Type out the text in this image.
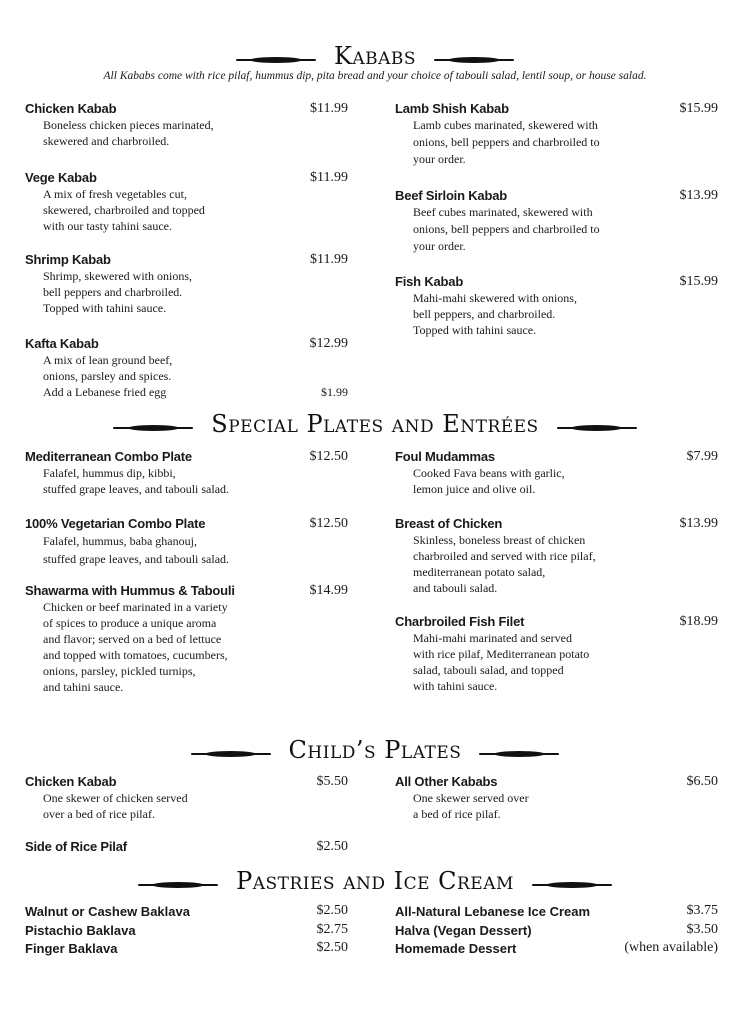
Kababs
All Kababs come with rice pilaf, hummus dip, pita bread and your choice of tabouli salad, lentil soup, or house salad.
Chicken Kabab	$11.99
Boneless chicken pieces marinated,
skewered and charbroiled.
Vege Kabab	$11.99
A mix of fresh vegetables cut,
skewered, charbroiled and topped
with our tasty tahini sauce.
Shrimp Kabab	$11.99
Shrimp, skewered with onions,
bell peppers and charbroiled.
Topped with tahini sauce.
Kafta Kabab	$12.99
A mix of lean ground beef,
onions, parsley and spices.
Add a Lebanese fried egg	$1.99
Lamb Shish Kabab	$15.99
Lamb cubes marinated, skewered with
onions, bell peppers and charbroiled to
your order.
Beef Sirloin Kabab	$13.99
Beef cubes marinated, skewered with
onions, bell peppers and charbroiled to
your order.
Fish Kabab	$15.99
Mahi-mahi skewered with onions,
bell peppers, and charbroiled.
Topped with tahini sauce.
Special Plates and Entrées
Mediterranean Combo Plate	$12.50
Falafel, hummus dip, kibbi,
stuffed grape leaves, and tabouli salad.
100% Vegetarian Combo Plate	$12.50
Falafel, hummus, baba ghanouj,
stuffed grape leaves, and tabouli salad.
Shawarma with Hummus & Tabouli	$14.99
Chicken or beef marinated in a variety
of spices to produce a unique aroma
and flavor; served on a bed of lettuce
and topped with tomatoes, cucumbers,
onions, parsley, pickled turnips,
and tahini sauce.
Foul Mudammas	$7.99
Cooked Fava beans with garlic,
lemon juice and olive oil.
Breast of Chicken	$13.99
Skinless, boneless breast of chicken
charbroiled and served with rice pilaf,
mediterranean potato salad,
and tabouli salad.
Charbroiled Fish Filet	$18.99
Mahi-mahi marinated and served
with rice pilaf, Mediterranean potato
salad, tabouli salad, and topped
with tahini sauce.
Child’s Plates
Chicken Kabab	$5.50
One skewer of chicken served
over a bed of rice pilaf.
Side of Rice Pilaf	$2.50
All Other Kababs	$6.50
One skewer served over
a bed of rice pilaf.
Pastries and Ice Cream
Walnut or Cashew Baklava	$2.50
Pistachio Baklava	$2.75
Finger Baklava	$2.50
All-Natural Lebanese Ice Cream	$3.75
Halva (Vegan Dessert)	$3.50
Homemade Dessert	(when available)
